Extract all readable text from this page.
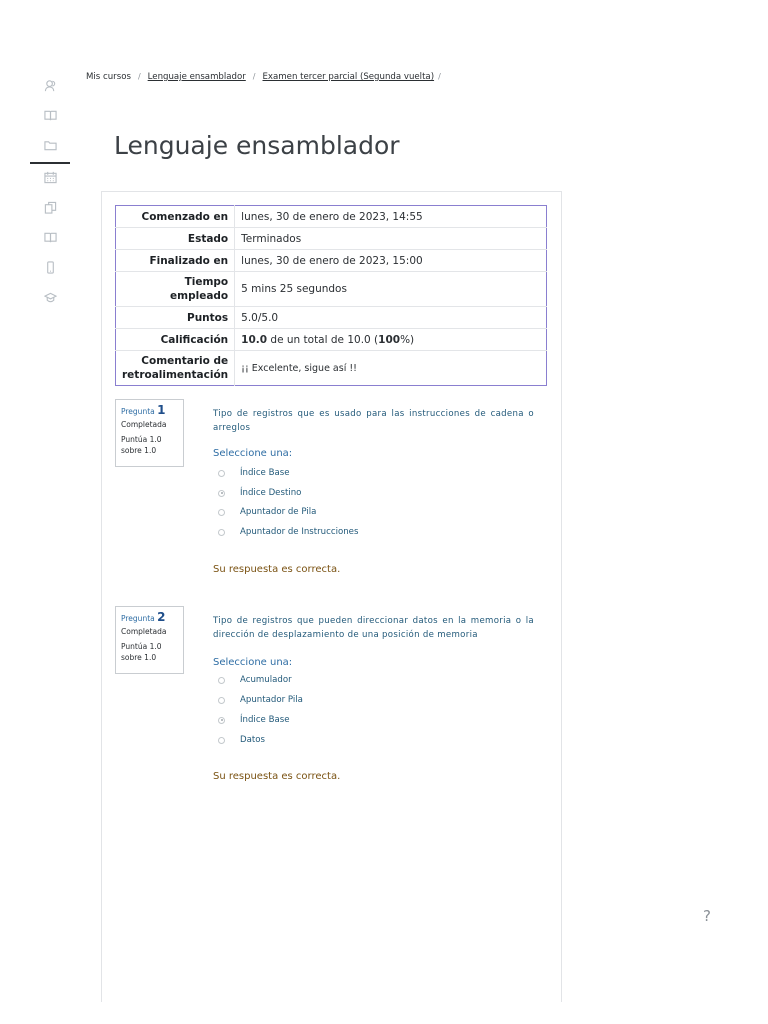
Mis cursos / Lenguaje ensamblador / Examen tercer parcial (Segunda vuelta) /
Lenguaje ensamblador
Comenzado en	lunes, 30 de enero de 2023, 14:55
Estado	Terminados
Finalizado en	lunes, 30 de enero de 2023, 15:00
Tiempo
empleado	5 mins 25 segundos
Puntos	5.0/5.0
Calificación	10.0 de un total de 10.0 (100%)
Comentario de
retroalimentación	¡¡ Excelente, sigue así !!
Pregunta 1
Completada
Puntúa 1.0
sobre 1.0
Tipo de registros que es usado para las instrucciones de cadena o arreglos
Seleccione una:
Índice Base
Índice Destino
Apuntador de Pila
Apuntador de Instrucciones
Su respuesta es correcta.
Pregunta 2
Completada
Puntúa 1.0
sobre 1.0
Tipo de registros que pueden direccionar datos en la memoria o la dirección de desplazamiento de una posición de memoria
Seleccione una:
Acumulador
Apuntador Pila
Índice Base
Datos
Su respuesta es correcta.
?
